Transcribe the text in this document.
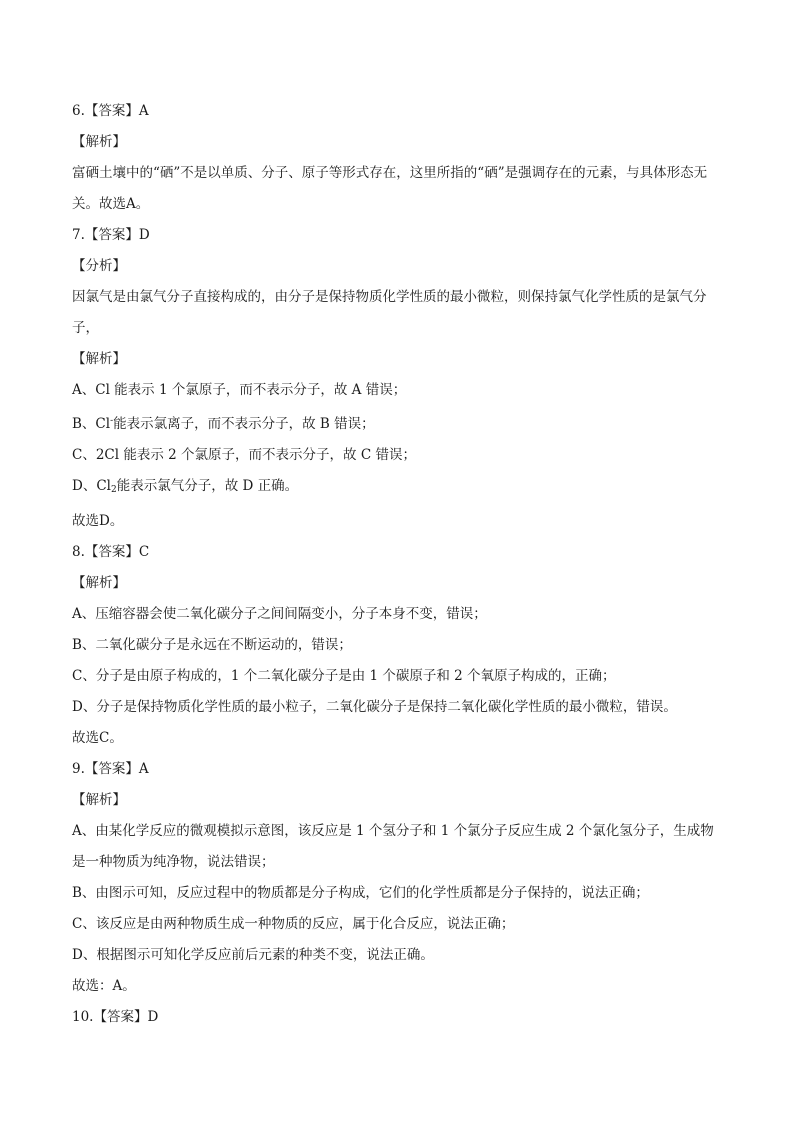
6.【答案】A
【解析】
富硒土壤中的“硒”不是以单质、分子、原子等形式存在，这里所指的“硒”是强调存在的元素，与具体形态无关。故选A。
7.【答案】D
【分析】
因氯气是由氯气分子直接构成的，由分子是保持物质化学性质的最小微粒，则保持氯气化学性质的是氯气分子，
【解析】
A、Cl 能表示 1 个氯原子，而不表示分子，故 A 错误；
B、Cl-能表示氯离子，而不表示分子，故 B 错误；
C、2Cl 能表示 2 个氯原子，而不表示分子，故 C 错误；
D、$Cl_2$能表示氯气分子，故 D 正确。
故选D。
8.【答案】C
【解析】
A、压缩容器会使二氧化碳分子之间间隔变小，分子本身不变，错误；
B、二氧化碳分子是永远在不断运动的，错误；
C、分子是由原子构成的，1 个二氧化碳分子是由 1 个碳原子和 2 个氧原子构成的，正确；
D、分子是保持物质化学性质的最小粒子，二氧化碳分子是保持二氧化碳化学性质的最小微粒，错误。
故选C。
9.【答案】A
【解析】
A、由某化学反应的微观模拟示意图，该反应是 1 个氢分子和 1 个氯分子反应生成 2 个氯化氢分子，生成物是一种物质为纯净物，说法错误；
B、由图示可知，反应过程中的物质都是分子构成，它们的化学性质都是分子保持的，说法正确；
C、该反应是由两种物质生成一种物质的反应，属于化合反应，说法正确；
D、根据图示可知化学反应前后元素的种类不变，说法正确。
故选：A。
10.【答案】D
